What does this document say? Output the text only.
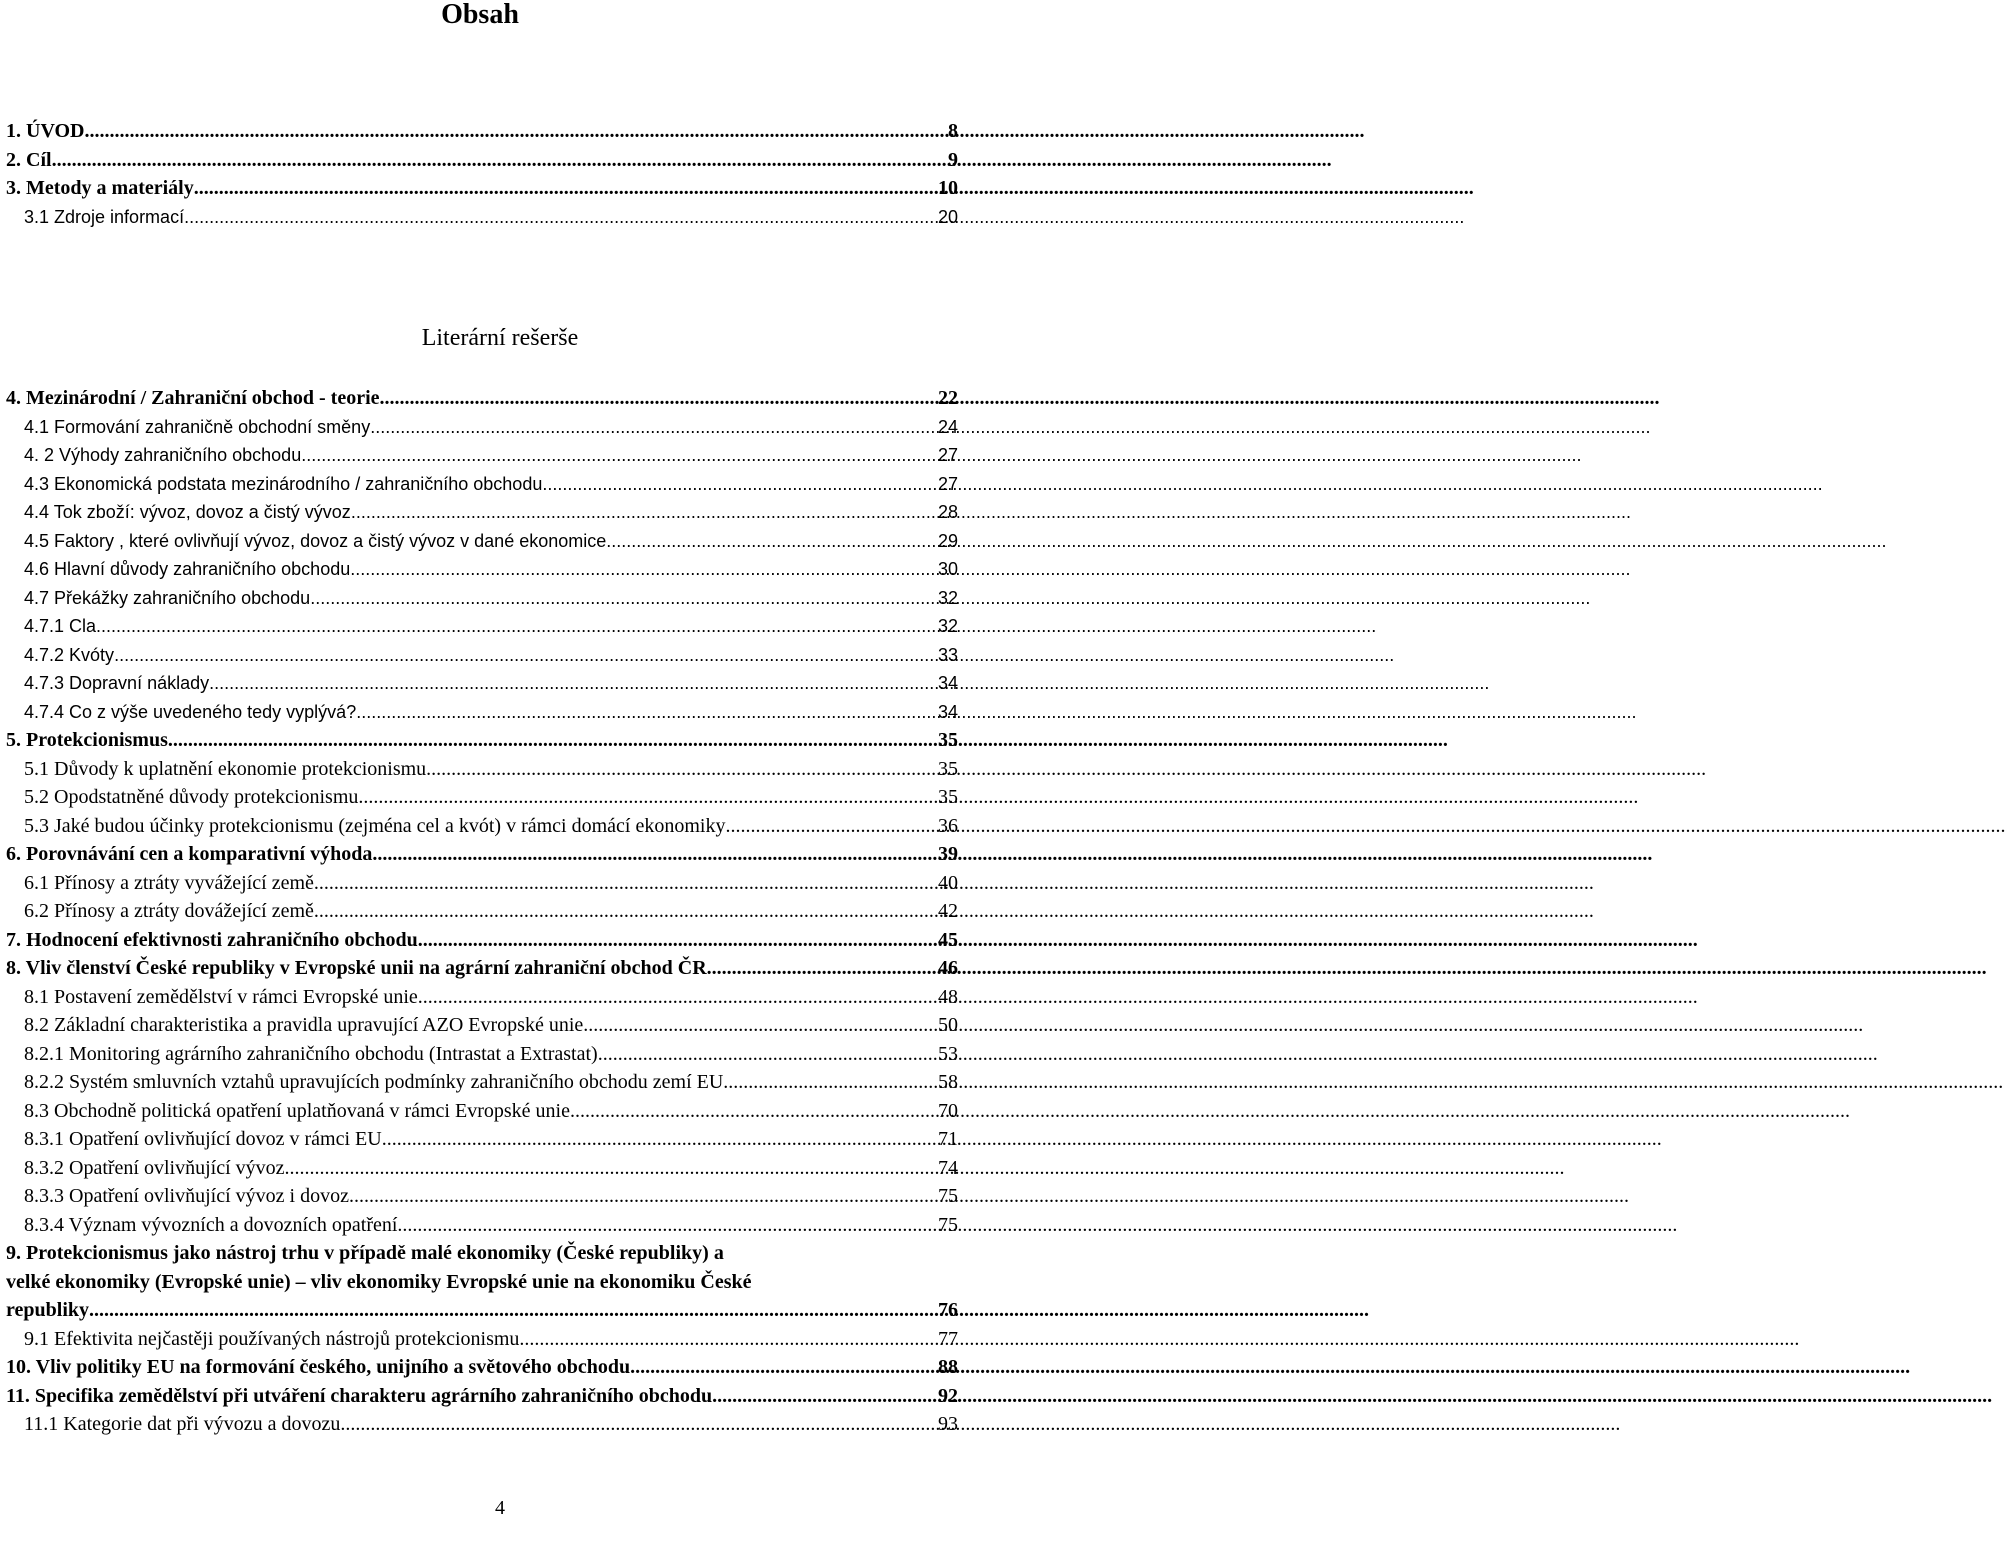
Obsah
1. ÚVOD .....	8
2. Cíl .....	9
3. Metody a materiály .....	10
3.1 Zdroje informací .....	20
Literární rešerše
4. Mezinárodní / Zahraniční obchod - teorie .....	22
4.1 Formování zahraničně obchodní směny .....	24
4. 2 Výhody zahraničního obchodu .....	27
4.3 Ekonomická podstata mezinárodního / zahraničního obchodu .....	27
4.4 Tok zboží: vývoz, dovoz a čistý vývoz .....	28
4.5 Faktory , které ovlivňují vývoz, dovoz a čistý vývoz v dané ekonomice .....	29
4.6 Hlavní důvody zahraničního obchodu .....	30
4.7 Překážky zahraničního obchodu .....	32
4.7.1 Cla .....	32
4.7.2 Kvóty .....	33
4.7.3 Dopravní náklady .....	34
4.7.4 Co z výše uvedeného tedy vyplývá? .....	34
5. Protekcionismus .....	35
5.1 Důvody k uplatnění ekonomie protekcionismu .....	35
5.2 Opodstatněné důvody protekcionismu .....	35
5.3 Jaké budou účinky protekcionismu (zejména cel a kvót) v rámci domácí ekonomiky .....	36
6. Porovnávání cen a komparativní výhoda .....	39
6.1 Přínosy a ztráty vyvážející země .....	40
6.2 Přínosy a ztráty dovážející země .....	42
7. Hodnocení efektivnosti zahraničního obchodu .....	45
8. Vliv členství České republiky v Evropské unii na agrární zahraniční obchod ČR .....	46
8.1 Postavení zemědělství v rámci Evropské unie .....	48
8.2 Základní charakteristika a pravidla upravující AZO Evropské unie .....	50
8.2.1 Monitoring agrárního zahraničního obchodu (Intrastat a Extrastat) .....	53
8.2.2 Systém smluvních vztahů upravujících podmínky zahraničního obchodu zemí EU .....	58
8.3 Obchodně politická opatření uplatňovaná v rámci Evropské unie .....	70
8.3.1 Opatření ovlivňující dovoz v rámci EU .....	71
8.3.2 Opatření ovlivňující vývoz .....	74
8.3.3 Opatření ovlivňující vývoz i dovoz .....	75
8.3.4 Význam vývozních a dovozních opatření .....	75
9. Protekcionismus jako nástroj trhu v případě malé ekonomiky (České republiky) a
velké ekonomiky (Evropské unie) – vliv ekonomiky Evropské unie na ekonomiku České
republiky .....	76
9.1 Efektivita nejčastěji používaných nástrojů protekcionismu .....	77
10. Vliv politiky EU na formování českého, unijního a světového obchodu .....	88
11. Specifika zemědělství při utváření charakteru agrárního zahraničního obchodu .....	92
11.1 Kategorie dat při vývozu a dovozu .....	93
4
